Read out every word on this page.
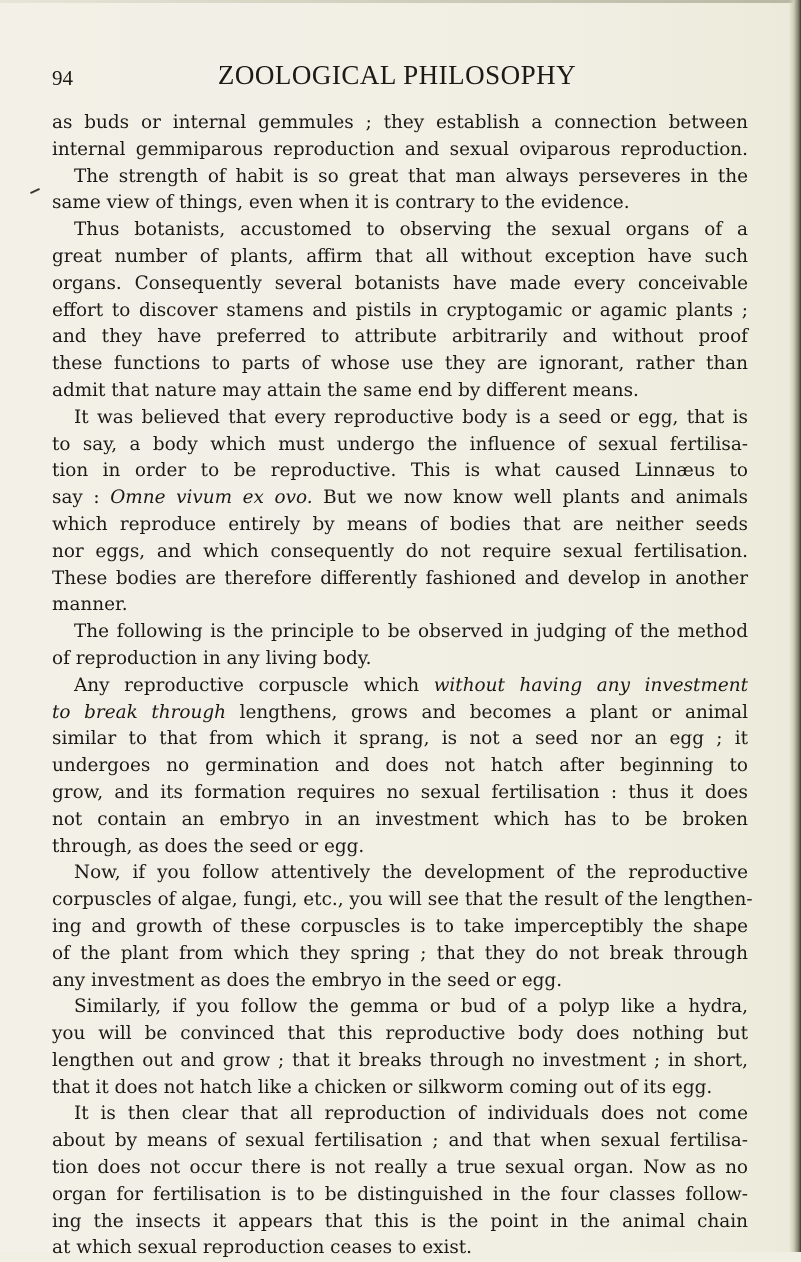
94	ZOOLOGICAL PHILOSOPHY
as buds or internal gemmules ; they establish a connection between
internal gemmiparous reproduction and sexual oviparous reproduction.
The strength of habit is so great that man always perseveres in the
same view of things, even when it is contrary to the evidence.
Thus botanists, accustomed to observing the sexual organs of a
great number of plants, affirm that all without exception have such
organs. Consequently several botanists have made every conceivable
effort to discover stamens and pistils in cryptogamic or agamic plants ;
and they have preferred to attribute arbitrarily and without proof
these functions to parts of whose use they are ignorant, rather than
admit that nature may attain the same end by different means.
It was believed that every reproductive body is a seed or egg, that is
to say, a body which must undergo the influence of sexual fertilisa-
tion in order to be reproductive. This is what caused Linnæus to
say : Omne vivum ex ovo. But we now know well plants and animals
which reproduce entirely by means of bodies that are neither seeds
nor eggs, and which consequently do not require sexual fertilisation.
These bodies are therefore differently fashioned and develop in another
manner.
The following is the principle to be observed in judging of the method
of reproduction in any living body.
Any reproductive corpuscle which without having any investment
to break through lengthens, grows and becomes a plant or animal
similar to that from which it sprang, is not a seed nor an egg ; it
undergoes no germination and does not hatch after beginning to
grow, and its formation requires no sexual fertilisation : thus it does
not contain an embryo in an investment which has to be broken
through, as does the seed or egg.
Now, if you follow attentively the development of the reproductive
corpuscles of algae, fungi, etc., you will see that the result of the lengthen-
ing and growth of these corpuscles is to take imperceptibly the shape
of the plant from which they spring ; that they do not break through
any investment as does the embryo in the seed or egg.
Similarly, if you follow the gemma or bud of a polyp like a hydra,
you will be convinced that this reproductive body does nothing but
lengthen out and grow ; that it breaks through no investment ; in short,
that it does not hatch like a chicken or silkworm coming out of its egg.
It is then clear that all reproduction of individuals does not come
about by means of sexual fertilisation ; and that when sexual fertilisa-
tion does not occur there is not really a true sexual organ. Now as no
organ for fertilisation is to be distinguished in the four classes follow-
ing the insects it appears that this is the point in the animal chain
at which sexual reproduction ceases to exist.
